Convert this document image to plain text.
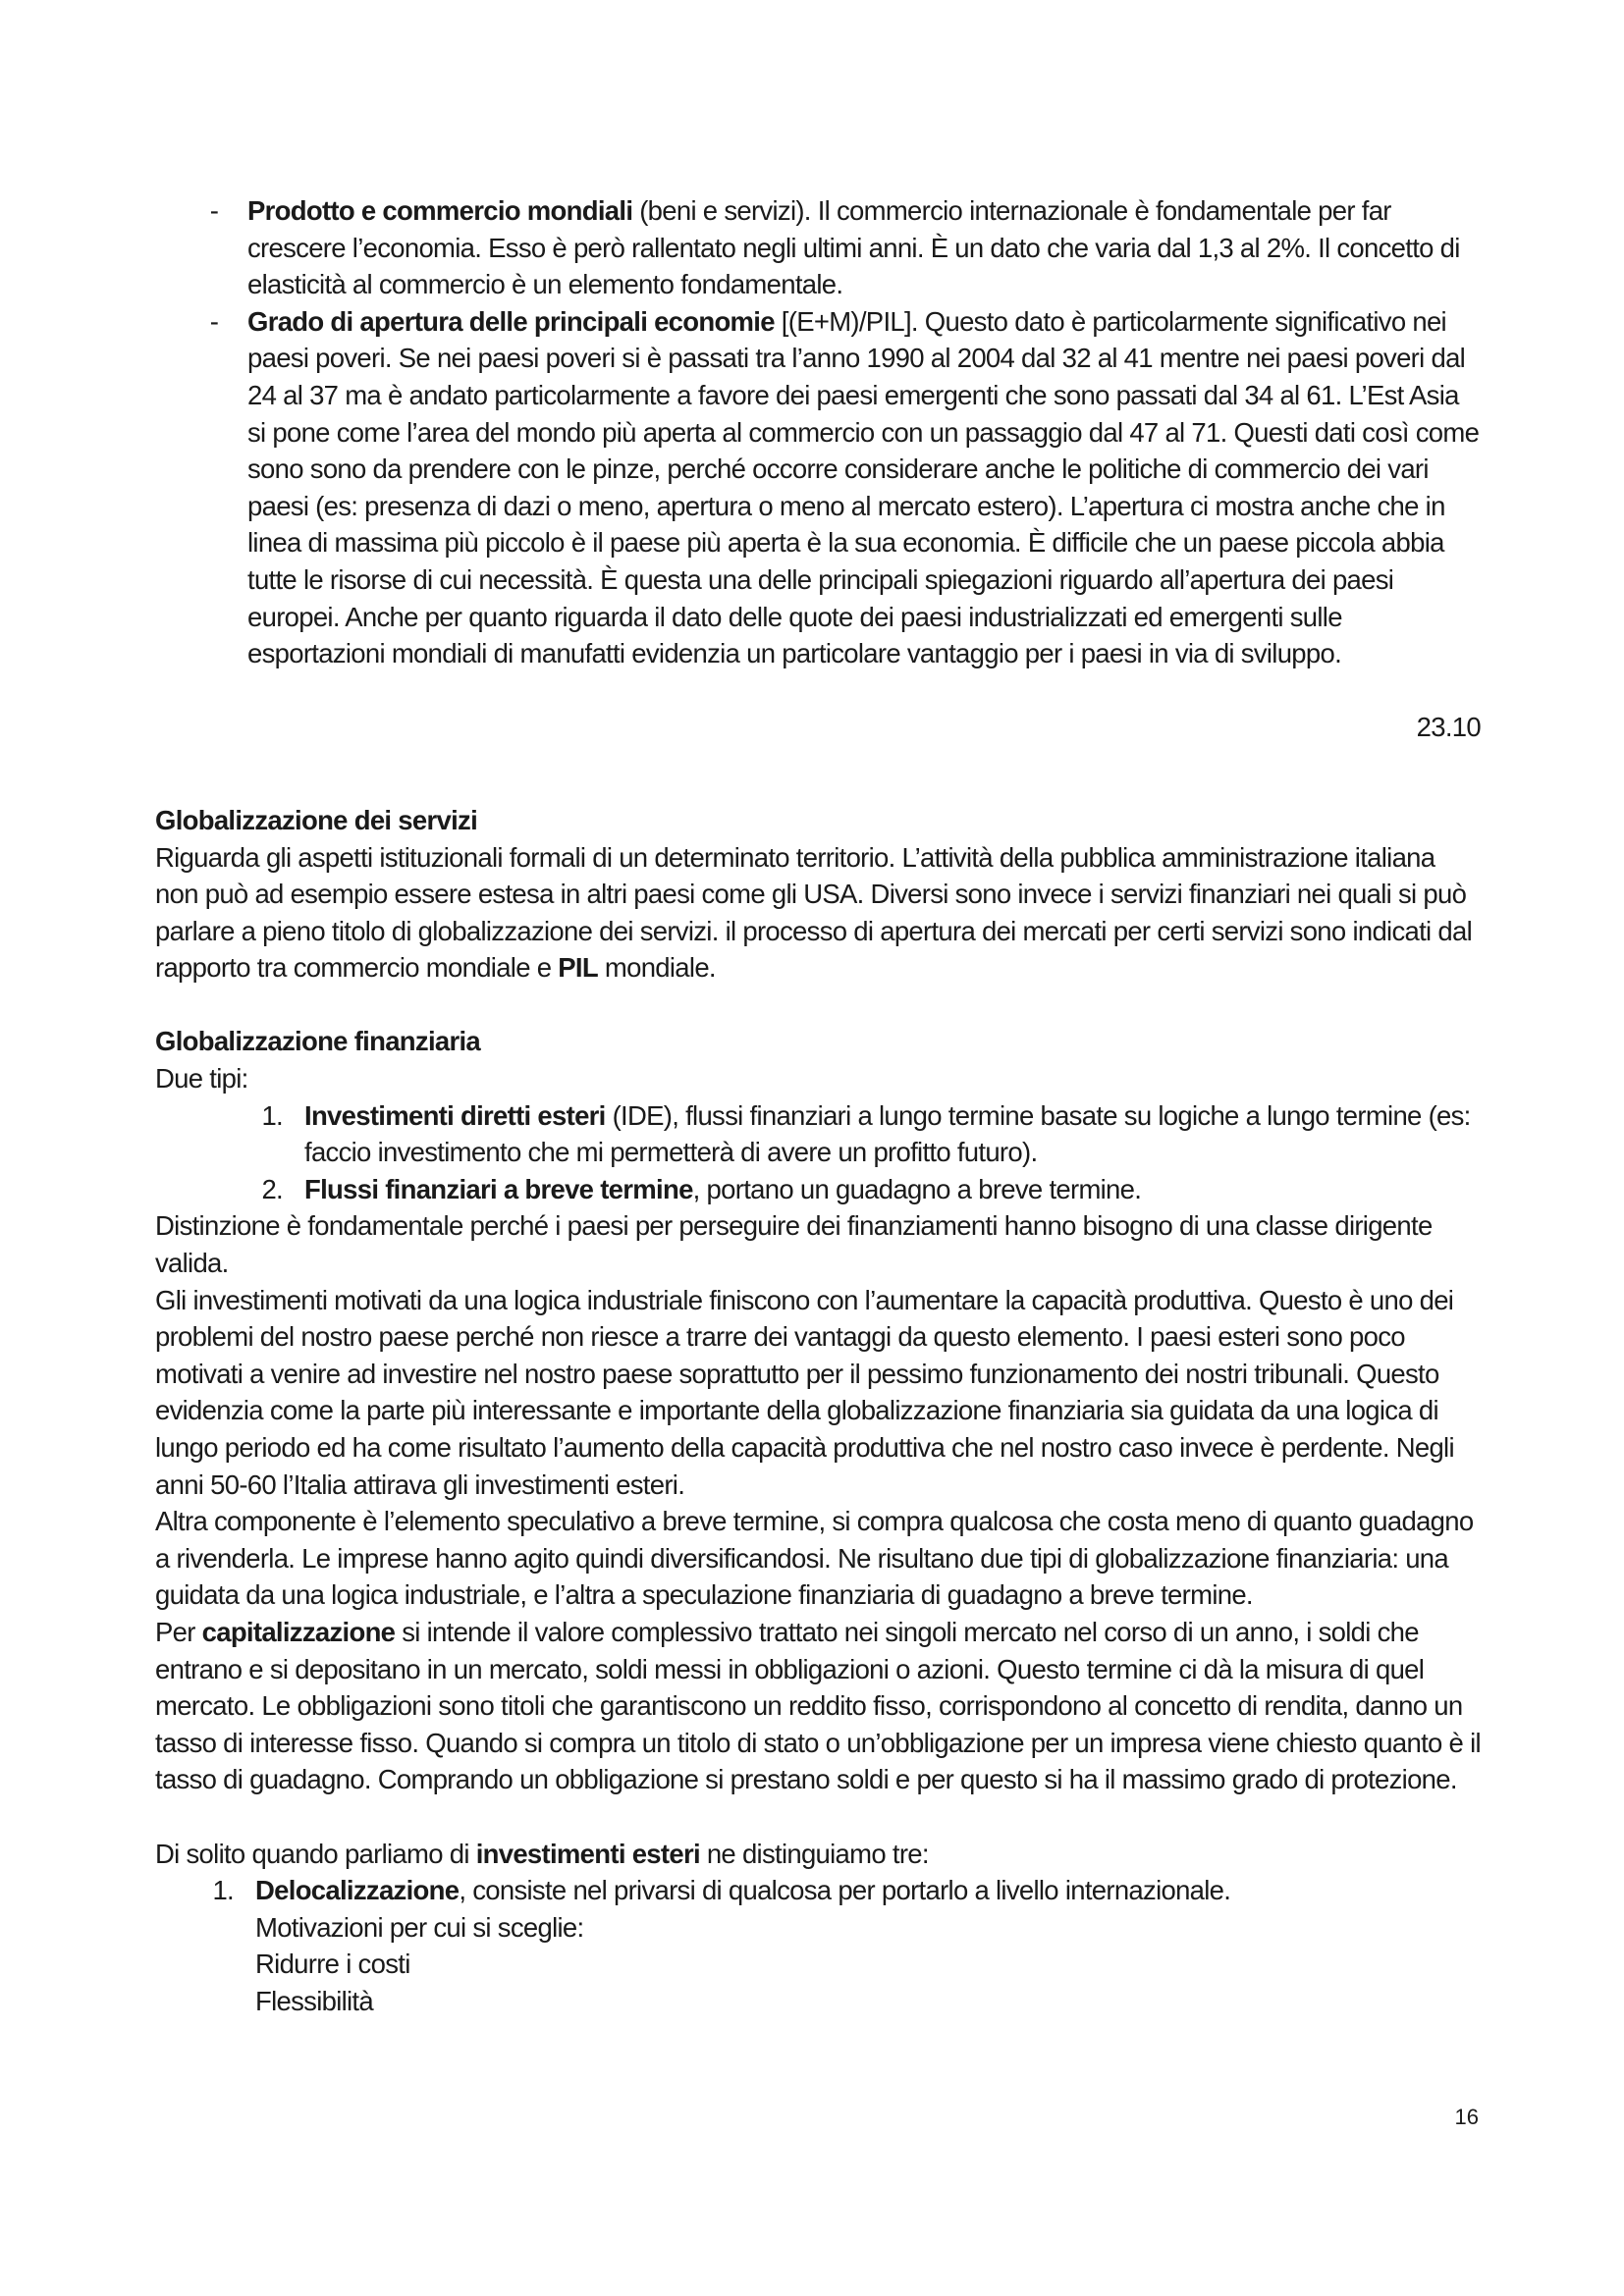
- Prodotto e commercio mondiali (beni e servizi). Il commercio internazionale è fondamentale per far crescere l’economia. Esso è però rallentato negli ultimi anni. È un dato che varia dal 1,3 al 2%. Il concetto di elasticità al commercio è un elemento fondamentale.
- Grado di apertura delle principali economie [(E+M)/PIL]. Questo dato è particolarmente significativo nei paesi poveri. Se nei paesi poveri si è passati tra l’anno 1990 al 2004 dal 32 al 41 mentre nei paesi poveri dal 24 al 37 ma è andato particolarmente a favore dei paesi emergenti che sono passati dal 34 al 61. L’Est Asia si pone come l’area del mondo più aperta al commercio con un passaggio dal 47 al 71. Questi dati così come sono sono da prendere con le pinze, perché occorre considerare anche le politiche di commercio dei vari paesi (es: presenza di dazi o meno, apertura o meno al mercato estero). L’apertura ci mostra anche che in linea di massima più piccolo è il paese più aperta è la sua economia. È difficile che un paese piccola abbia tutte le risorse di cui necessità. È questa una delle principali spiegazioni riguardo all’apertura dei paesi europei. Anche per quanto riguarda il dato delle quote dei paesi industrializzati ed emergenti sulle esportazioni mondiali di manufatti evidenzia un particolare vantaggio per i paesi in via di sviluppo.

23.10

Globalizzazione dei servizi

Riguarda gli aspetti istituzionali formali di un determinato territorio. L’attività della pubblica amministrazione italiana non può ad esempio essere estesa in altri paesi come gli USA. Diversi sono invece i servizi finanziari nei quali si può parlare a pieno titolo di globalizzazione dei servizi. il processo di apertura dei mercati per certi servizi sono indicati dal rapporto tra commercio mondiale e PIL mondiale.

Globalizzazione finanziaria

Due tipi:

1. Investimenti diretti esteri (IDE), flussi finanziari a lungo termine basate su logiche a lungo termine (es: faccio investimento che mi permetterà di avere un profitto futuro).
2. Flussi finanziari a breve termine, portano un guadagno a breve termine.

Distinzione è fondamentale perché i paesi per perseguire dei finanziamenti hanno bisogno di una classe dirigente valida.

Gli investimenti motivati da una logica industriale finiscono con l’aumentare la capacità produttiva. Questo è uno dei problemi del nostro paese perché non riesce a trarre dei vantaggi da questo elemento. I paesi esteri sono poco motivati a venire ad investire nel nostro paese soprattutto per il pessimo funzionamento dei nostri tribunali. Questo evidenzia come la parte più interessante e importante della globalizzazione finanziaria sia guidata da una logica di lungo periodo ed ha come risultato l’aumento della capacità produttiva che nel nostro caso invece è perdente. Negli anni 50-60 l’Italia attirava gli investimenti esteri.

Altra componente è l’elemento speculativo a breve termine, si compra qualcosa che costa meno di quanto guadagno a rivenderla. Le imprese hanno agito quindi diversificandosi. Ne risultano due tipi di globalizzazione finanziaria: una guidata da una logica industriale, e l’altra a speculazione finanziaria di guadagno a breve termine.

Per capitalizzazione si intende il valore complessivo trattato nei singoli mercato nel corso di un anno, i soldi che entrano e si depositano in un mercato, soldi messi in obbligazioni o azioni. Questo termine ci dà la misura di quel mercato. Le obbligazioni sono titoli che garantiscono un reddito fisso, corrispondono al concetto di rendita, danno un tasso di interesse fisso. Quando si compra un titolo di stato o un’obbligazione per un impresa viene chiesto quanto è il tasso di guadagno. Comprando un obbligazione si prestano soldi e per questo si ha il massimo grado di protezione.

Di solito quando parliamo di investimenti esteri ne distinguiamo tre:

1. Delocalizzazione, consiste nel privarsi di qualcosa per portarlo a livello internazionale.

Motivazioni per cui si sceglie:

Ridurre i costi

Flessibilità

16
